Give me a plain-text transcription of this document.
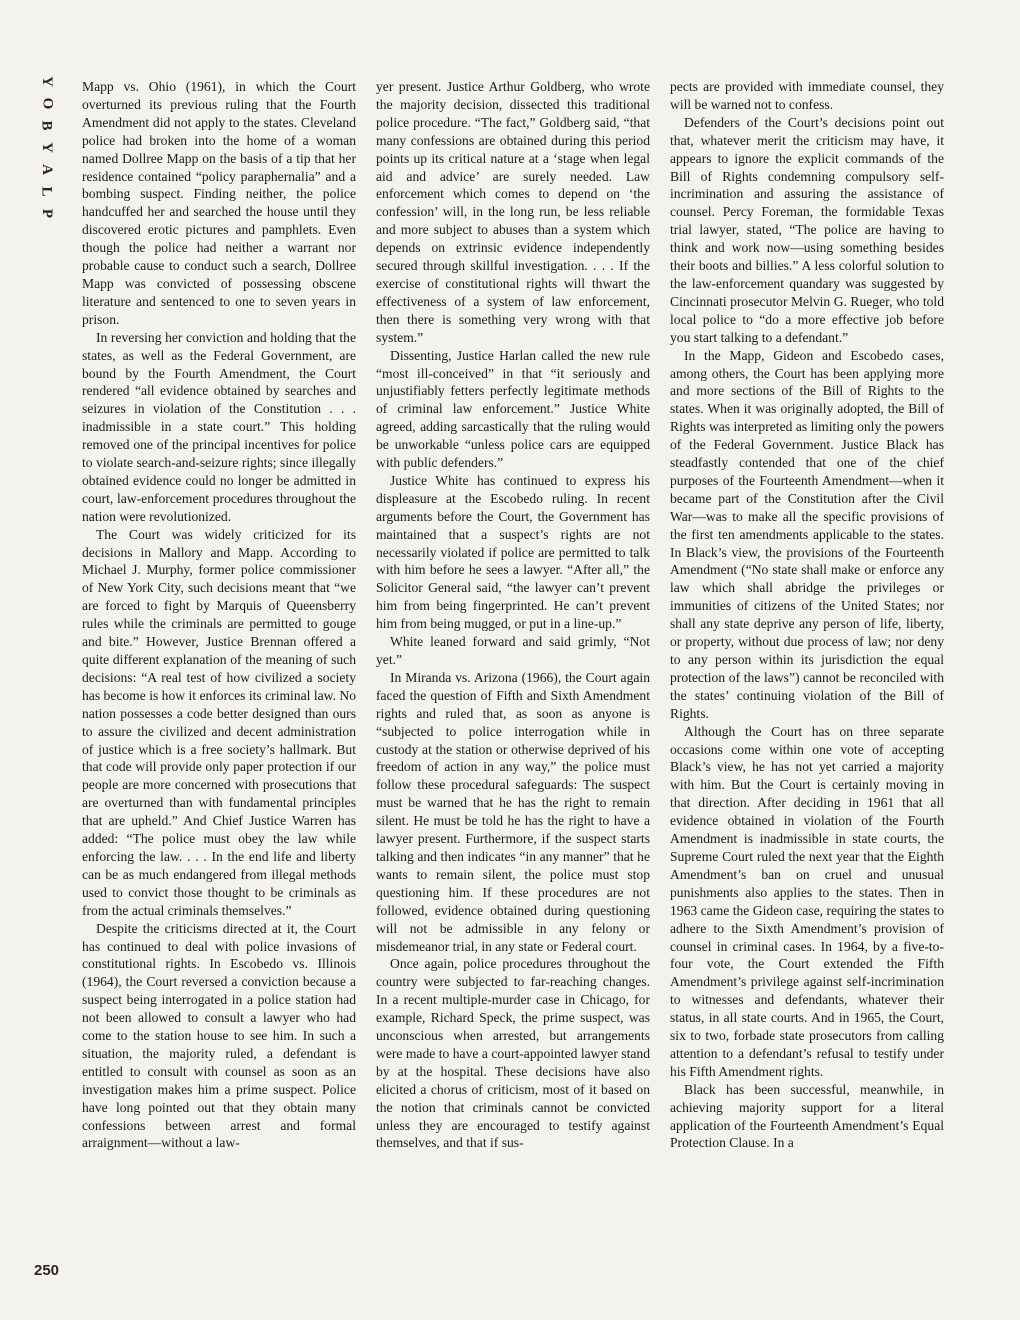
Y
O
B
Y
A
L
P

Mapp vs. Ohio (1961), in which the Court overturned its previous ruling that the Fourth Amendment did not apply to the states. Cleveland police had broken into the home of a woman named Dollree Mapp on the basis of a tip that her residence contained “policy paraphernalia” and a bombing suspect. Finding neither, the police handcuffed her and searched the house until they discovered erotic pictures and pamphlets. Even though the police had neither a warrant nor probable cause to conduct such a search, Dollree Mapp was convicted of possessing obscene literature and sentenced to one to seven years in prison.

In reversing her conviction and holding that the states, as well as the Federal Government, are bound by the Fourth Amendment, the Court rendered “all evidence obtained by searches and seizures in violation of the Constitution . . . inadmissible in a state court.” This holding removed one of the principal incentives for police to violate search-and-seizure rights; since illegally obtained evidence could no longer be admitted in court, law-enforcement procedures throughout the nation were revolutionized.

The Court was widely criticized for its decisions in Mallory and Mapp. According to Michael J. Murphy, former police commissioner of New York City, such decisions meant that “we are forced to fight by Marquis of Queensberry rules while the criminals are permitted to gouge and bite.” However, Justice Brennan offered a quite different explanation of the meaning of such decisions: “A real test of how civilized a society has become is how it enforces its criminal law. No nation possesses a code better designed than ours to assure the civilized and decent administration of justice which is a free society’s hallmark. But that code will provide only paper protection if our people are more concerned with prosecutions that are overturned than with fundamental principles that are upheld.” And Chief Justice Warren has added: “The police must obey the law while enforcing the law. . . . In the end life and liberty can be as much endangered from illegal methods used to convict those thought to be criminals as from the actual criminals themselves.”

Despite the criticisms directed at it, the Court has continued to deal with police invasions of constitutional rights. In Escobedo vs. Illinois (1964), the Court reversed a conviction because a suspect being interrogated in a police station had not been allowed to consult a lawyer who had come to the station house to see him. In such a situation, the majority ruled, a defendant is entitled to consult with counsel as soon as an investigation makes him a prime suspect. Police have long pointed out that they obtain many confessions between arrest and formal arraignment—without a law-

yer present. Justice Arthur Goldberg, who wrote the majority decision, dissected this traditional police procedure. “The fact,” Goldberg said, “that many confessions are obtained during this period points up its critical nature at a ‘stage when legal aid and advice’ are surely needed. Law enforcement which comes to depend on ‘the confession’ will, in the long run, be less reliable and more subject to abuses than a system which depends on extrinsic evidence independently secured through skillful investigation. . . . If the exercise of constitutional rights will thwart the effectiveness of a system of law enforcement, then there is something very wrong with that system.”

Dissenting, Justice Harlan called the new rule “most ill-conceived” in that “it seriously and unjustifiably fetters perfectly legitimate methods of criminal law enforcement.” Justice White agreed, adding sarcastically that the ruling would be unworkable “unless police cars are equipped with public defenders.”

Justice White has continued to express his displeasure at the Escobedo ruling. In recent arguments before the Court, the Government has maintained that a suspect’s rights are not necessarily violated if police are permitted to talk with him before he sees a lawyer. “After all,” the Solicitor General said, “the lawyer can’t prevent him from being fingerprinted. He can’t prevent him from being mugged, or put in a line-up.”

White leaned forward and said grimly, “Not yet.”

In Miranda vs. Arizona (1966), the Court again faced the question of Fifth and Sixth Amendment rights and ruled that, as soon as anyone is “subjected to police interrogation while in custody at the station or otherwise deprived of his freedom of action in any way,” the police must follow these procedural safeguards: The suspect must be warned that he has the right to remain silent. He must be told he has the right to have a lawyer present. Furthermore, if the suspect starts talking and then indicates “in any manner” that he wants to remain silent, the police must stop questioning him. If these procedures are not followed, evidence obtained during questioning will not be admissible in any felony or misdemeanor trial, in any state or Federal court.

Once again, police procedures throughout the country were subjected to far-reaching changes. In a recent multiple-murder case in Chicago, for example, Richard Speck, the prime suspect, was unconscious when arrested, but arrangements were made to have a court-appointed lawyer stand by at the hospital. These decisions have also elicited a chorus of criticism, most of it based on the notion that criminals cannot be convicted unless they are encouraged to testify against themselves, and that if sus-

pects are provided with immediate counsel, they will be warned not to confess.

Defenders of the Court’s decisions point out that, whatever merit the criticism may have, it appears to ignore the explicit commands of the Bill of Rights condemning compulsory self-incrimination and assuring the assistance of counsel. Percy Foreman, the formidable Texas trial lawyer, stated, “The police are having to think and work now—using something besides their boots and billies.” A less colorful solution to the law-enforcement quandary was suggested by Cincinnati prosecutor Melvin G. Rueger, who told local police to “do a more effective job before you start talking to a defendant.”

In the Mapp, Gideon and Escobedo cases, among others, the Court has been applying more and more sections of the Bill of Rights to the states. When it was originally adopted, the Bill of Rights was interpreted as limiting only the powers of the Federal Government. Justice Black has steadfastly contended that one of the chief purposes of the Fourteenth Amendment—when it became part of the Constitution after the Civil War—was to make all the specific provisions of the first ten amendments applicable to the states. In Black’s view, the provisions of the Fourteenth Amendment (“No state shall make or enforce any law which shall abridge the privileges or immunities of citizens of the United States; nor shall any state deprive any person of life, liberty, or property, without due process of law; nor deny to any person within its jurisdiction the equal protection of the laws”) cannot be reconciled with the states’ continuing violation of the Bill of Rights.

Although the Court has on three separate occasions come within one vote of accepting Black’s view, he has not yet carried a majority with him. But the Court is certainly moving in that direction. After deciding in 1961 that all evidence obtained in violation of the Fourth Amendment is inadmissible in state courts, the Supreme Court ruled the next year that the Eighth Amendment’s ban on cruel and unusual punishments also applies to the states. Then in 1963 came the Gideon case, requiring the states to adhere to the Sixth Amendment’s provision of counsel in criminal cases. In 1964, by a five-to-four vote, the Court extended the Fifth Amendment’s privilege against self-incrimination to witnesses and defendants, whatever their status, in all state courts. And in 1965, the Court, six to two, forbade state prosecutors from calling attention to a defendant’s refusal to testify under his Fifth Amendment rights.

Black has been successful, meanwhile, in achieving majority support for a literal application of the Fourteenth Amendment’s Equal Protection Clause. In a

250
